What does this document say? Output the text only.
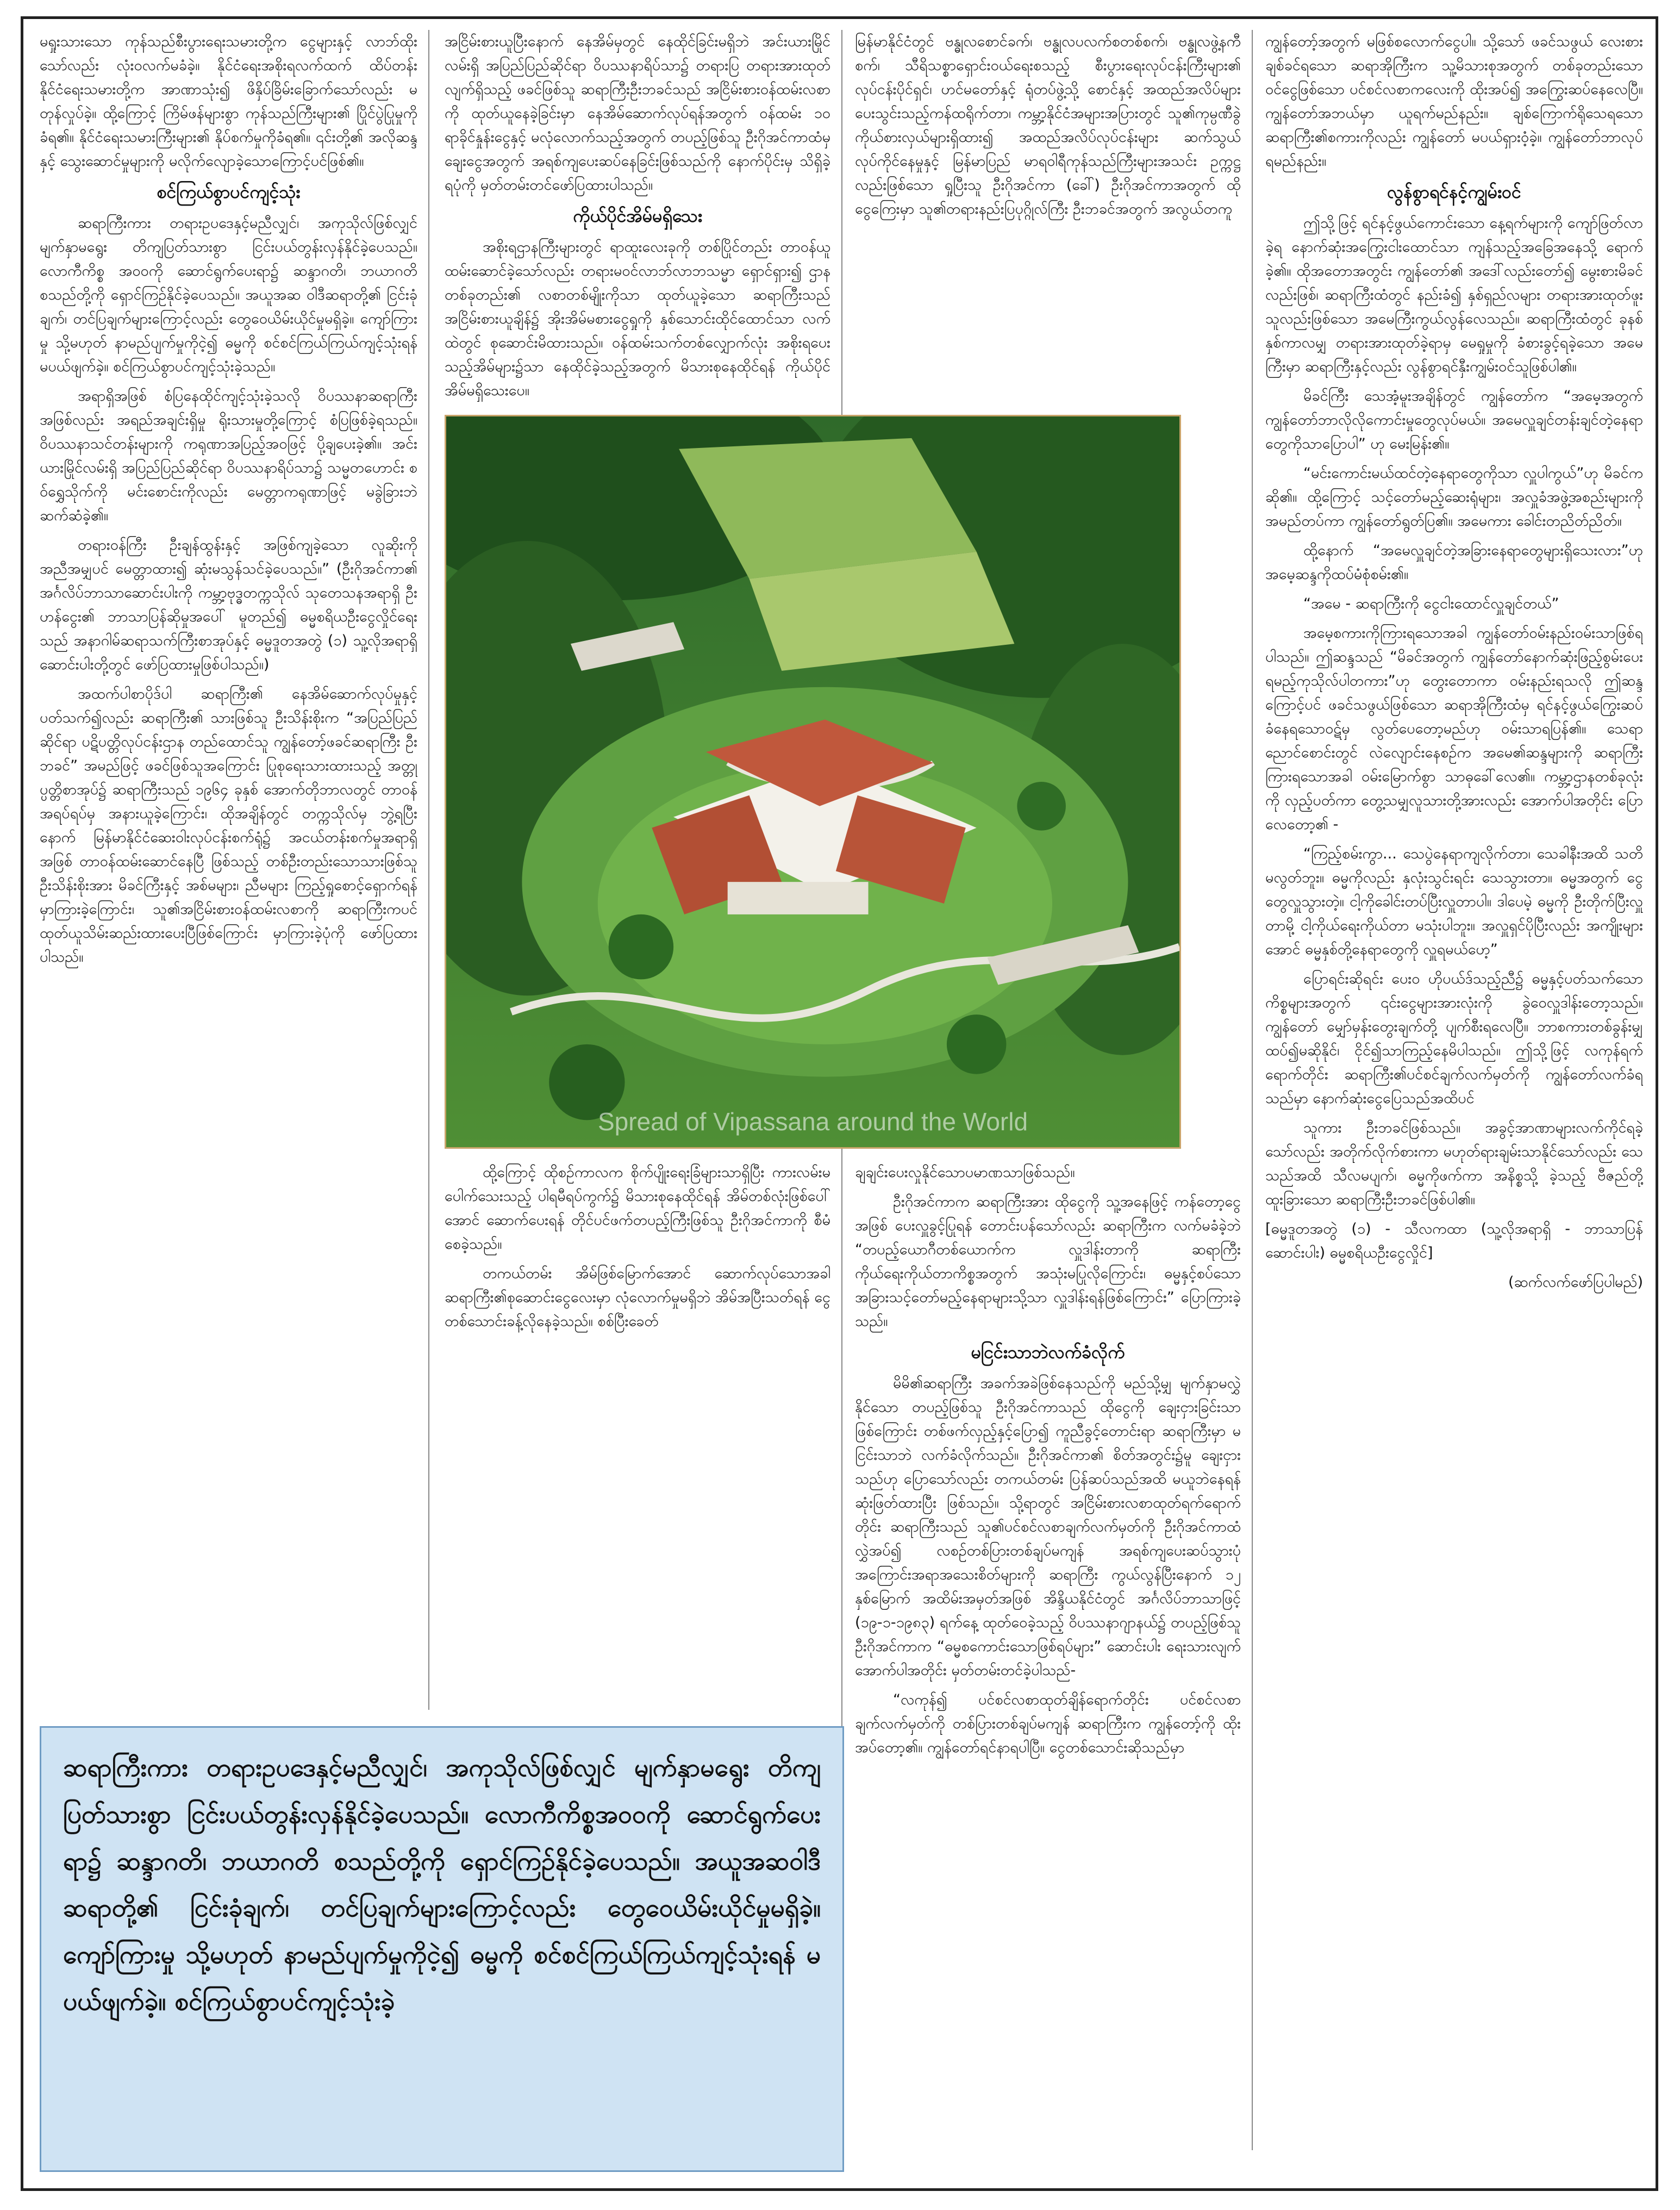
မရှုးသားသော ကုန်သည်စီးပွားရေးသမားတို့က ငွေများနှင့် လာဘ်ထိုးသော်လည်း လုံးဝလက်မခံခဲ့။ နိုင်ငံရေးအစိုးရလက်ထက် ထိပ်တန်းနိုင်ငံရေးသမားတို့က အာဏာသုံး၍ ဖိနှိပ်ခြိမ်းခြောက်သော်လည်း မတုန်လှုပ်ခဲ့။ ထို့ကြောင့် ကြိမ်ဖန်များစွာ ကုန်သည်ကြီးများ၏ ပြိုင်ပွဲပြုမှုကိုခံရ၏။ နိုင်ငံရေးသမားကြီးများ၏ နိုပ်စက်မှုကိုခံရ၏။ ၎င်းတို့၏ အလိုဆန္ဒနှင့် သွေးဆောင်မှုများကို မလိုက်လျောခဲ့သောကြောင့်ပင်ဖြစ်၏။

စင်ကြယ်စွာပင်ကျင့်သုံး

ဆရာကြီးကား တရားဥပဒေနှင့်မညီလျှင်၊ အကုသိုလ်ဖြစ်လျှင် မျက်နှာမရွေး တိကျပြတ်သားစွာ ငြင်းပယ်တွန်းလှန်နိုင်ခဲ့ပေသည်။ လောကီကိစ္စ အ၀၀ကို ဆောင်ရွက်ပေးရာ၌ ဆန္ဒာဂတိ၊ ဘယာဂတိ စသည်တို့ကို ရှောင်ကြဉ်နိုင်ခဲ့ပေသည်။ အယူအဆ ဝါဒီဆရာတို့၏ ငြင်းခုံချက်၊ တင်ပြချက်များကြောင့်လည်း တွေဝေယိမ်းယိုင်မှုမရှိခဲ့။ ကျော်ကြားမှု သို့မဟုတ် နာမည်ပျက်မှုကိုငဲ့၍ ဓမ္မကို စင်စင်ကြယ်ကြယ်ကျင့်သုံးရန် မပယ်ဖျက်ခဲ့။ စင်ကြယ်စွာပင်ကျင့်သုံးခဲ့သည်။

အရာရှိအဖြစ် စံပြနေထိုင်ကျင့်သုံးခဲ့သလို ဝိပဿနာဆရာကြီးအဖြစ်လည်း အရည်အချင်းရှိမှု ရိုးသားမှုတို့ကြောင့် စံပြဖြစ်ခဲ့ရသည်။ ဝိပဿနာသင်တန်းများကို ကရုဏာအပြည့်အဝဖြင့် ပို့ချပေးခဲ့၏။ အင်းယားမြိုင်လမ်းရှိ အပြည်ပြည်ဆိုင်ရာ ဝိပဿနာရိပ်သာ၌ သမ္မတဟောင်း စဝ်ရွှေသိုက်ကို မင်းစောင်းကိုလည်း မေတ္တာကရုဏာဖြင့် မခွဲခြားဘဲ ဆက်ဆံခဲ့၏။

တရားဝန်ကြီး ဦးချန်ထွန်းနှင့် အဖြစ်ကျခဲ့သော လူဆိုးကို အညီအမျှပင် မေတ္တာထား၍ ဆုံးမသွန်သင်ခဲ့ပေသည်။” (ဦးဂိုအင်ကာ၏ အင်္ဂလိပ်ဘာသာဆောင်းပါးကို ကမ္ဘာ့ဗုဒ္ဓတက္ကသိုလ် သုတေသနအရာရှိ ဦးဟန်ငွေး၏ ဘာသာပြန်ဆိုမှုအပေါ် မူတည်၍ ဓမ္မစရိယဦးငွေလှိုင်ရေးသည် အနာဂါမ်ဆရာသက်ကြီးစာအုပ်နှင့် ဓမ္မဒူတအတွဲ (၁) သူ့လိုအရာရှိဆောင်းပါးတို့တွင် ဖော်ပြထားမှုဖြစ်ပါသည်။)

အထက်ပါစာပိုဒ်ပါ ဆရာကြီး၏ နေအိမ်ဆောက်လုပ်မှုနှင့် ပတ်သက်၍လည်း ဆရာကြီး၏ သားဖြစ်သူ ဦးသိန်းစိုးက “အပြည်ပြည်ဆိုင်ရာ ပဋိပတ္တိလုပ်ငန်းဌာန တည်ထောင်သူ ကျွန်တော့်ဖခင်ဆရာကြီး ဦးဘခင်” အမည်ဖြင့် ဖခင်ဖြစ်သူအကြောင်း ပြုစုရေးသားထားသည့် အတ္တုပ္ပတ္တိစာအုပ်၌ ဆရာကြီးသည် ၁၉၆၄ ခုနှစ် အောက်တိုဘာလတွင် တာဝန်အရပ်ရပ်မှ အနားယူခဲ့ကြောင်း၊ ထိုအချိန်တွင် တက္ကသိုလ်မှ ဘွဲ့ရပြီးနောက် မြန်မာနိုင်ငံဆေးဝါးလုပ်ငန်းစက်ရုံ၌ အငယ်တန်းစက်မှုအရာရှိအဖြစ် တာဝန်ထမ်းဆောင်နေပြီ ဖြစ်သည့် တစ်ဦးတည်းသောသားဖြစ်သူ ဦးသိန်းစိုးအား မိခင်ကြီးနှင့် အစ်မများ၊ ညီမများ ကြည့်ရှုစောင့်ရှောက်ရန် မှာကြားခဲ့ကြောင်း၊ သူ၏အငြိမ်းစားဝန်ထမ်းလစာကို ဆရာကြီးကပင် ထုတ်ယူသိမ်းဆည်းထားပေးပြီဖြစ်ကြောင်း မှာကြားခဲ့ပုံကို ဖော်ပြထားပါသည်။

အငြိမ်းစားယူပြီးနောက် နေအိမ်မှတွင် နေထိုင်ခြင်းမရှိဘဲ အင်းယားမြိုင်လမ်းရှိ အပြည်ပြည်ဆိုင်ရာ ဝိပဿနာရိပ်သာ၌ တရားပြ တရားအားထုတ်လျက်ရှိသည့် ဖခင်ဖြစ်သူ ဆရာကြီးဦးဘခင်သည် အငြိမ်းစားဝန်ထမ်းလစာကို ထုတ်ယူနေခဲ့ခြင်းမှာ နေအိမ်ဆောက်လုပ်ရန်အတွက် ဝန်ထမ်း ၁၀ ရာခိုင်နှုန်းငွေနှင့် မလုံလောက်သည့်အတွက် တပည့်ဖြစ်သူ ဦးဂိုအင်ကာထံမှ ချေးငွေအတွက် အရစ်ကျပေးဆပ်နေခြင်းဖြစ်သည်ကို နောက်ပိုင်းမှ သိရှိခဲ့ရပုံကို မှတ်တမ်းတင်ဖော်ပြထားပါသည်။

ကိုယ်ပိုင်အိမ်မရှိသေး

အစိုးရဌာနကြီးများတွင် ရာထူးလေးခုကို တစ်ပြိုင်တည်း တာဝန်ယူထမ်းဆောင်ခဲ့သော်လည်း တရားမဝင်လာဘ်လာဘသမ္မာ ရှောင်ရှား၍ ဌာနတစ်ခုတည်း၏ လစာတစ်မျိုးကိုသာ ထုတ်ယူခဲ့သော ဆရာကြီးသည် အငြိမ်းစားယူချိန်၌ အိုးအိမ်မစားငွေရှုကို နှစ်သောင်းထိုင်ထောင်သာ လက်ထဲတွင် စုဆောင်းမိထားသည်။ ဝန်ထမ်းသက်တစ်လျှောက်လုံး အစိုးရပေးသည့်အိမ်များ၌သာ နေထိုင်ခဲ့သည့်အတွက် မိသားစုနေထိုင်ရန် ကိုယ်ပိုင်အိမ်မရှိသေးပေ။

မြန်မာနိုင်ငံတွင် ဗန္ဓုလစောင်ခက်၊ ဗန္ဓုလပလက်စတစ်စက်၊ ဗန္ဓုလဖွဲ့နကီစက်၊ သီရိသစ္စာရှောင်းဝယ်ရေးစသည့် စီးပွားရေးလုပ်ငန်းကြီးများ၏ လုပ်ငန်းပိုင်ရှင်၊ ဟင်မတော်နှင့် ရုံတပ်ဖွဲ့သို့ စောင်နှင့် အထည်အလိပ်များ ပေးသွင်းသည့်ကန်ထရိုက်တာ၊ ကမ္ဘာ့နိုင်ငံအများအပြားတွင် သူ၏ကုမ္ပဏီခွဲကိုယ်စားလှယ်များရှိထား၍ အထည်အလိပ်လုပ်ငန်းများ ဆက်သွယ်လုပ်ကိုင်နေမှုနှင့် မြန်မာပြည် မာရဝါရီကုန်သည်ကြီးများအသင်း ဥက္ကဋ္ဌလည်းဖြစ်သော ရှုပြီးသူ ဦးဂိုအင်ကာ (ခေါ်) ဦးဂိုအင်ကာအတွက် ထိုငွေကြေးမှာ သူ၏တရားနည်းပြပုဂ္ဂိုလ်ကြီး ဦးဘခင်အတွက် အလွယ်တကူ

Spread of Vipassana around the World

ထို့ကြောင့် ထိုစဉ်ကာလက စိုက်ပျိုးရေးခြံများသာရှိပြီး ကားလမ်းမပေါက်သေးသည့် ပါရမီရပ်ကွက်၌ မိသားစုနေထိုင်ရန် အိမ်တစ်လုံးဖြစ်ပေါ်အောင် ဆောက်ပေးရန် တိုင်ပင်ဖက်တပည့်ကြီးဖြစ်သူ ဦးဂိုအင်ကာကို စီမံစေခဲ့သည်။

တကယ်တမ်း အိမ်ဖြစ်မြောက်အောင် ဆောက်လုပ်သောအခါ ဆရာကြီး၏စုဆောင်းငွေလေးမှာ လုံလောက်မှုမရှိဘဲ အိမ်အပြီးသတ်ရန် ငွေတစ်သောင်းခန့်လိုနေခဲ့သည်။ စစ်ပြီးခေတ်

ချချင်းပေးလှုနိုင်သောပမာဏသာဖြစ်သည်။

ဦးဂိုအင်ကာက ဆရာကြီးအား ထိုငွေကို သူ့အနေဖြင့် ကန်တော့ငွေအဖြစ် ပေးလှူခွင့်ပြုရန် တောင်းပန်သော်လည်း ဆရာကြီးက လက်မခံခဲ့ဘဲ “တပည့်ယောဂီတစ်ယောက်က လှူဒါန်းတာကို ဆရာကြီး ကိုယ်ရေးကိုယ်တာကိစ္စအတွက် အသုံးမပြုလိုကြောင်း၊ ဓမ္မနှင့်စပ်သော အခြားသင့်တော်မည့်နေရာများသို့သာ လှူဒါန်းရန်ဖြစ်ကြောင်း” ပြောကြားခဲ့သည်။

မငြင်းသာဘဲလက်ခံလိုက်

မိမိ၏ဆရာကြီး အခက်အခဲဖြစ်နေသည်ကို မည်သို့မျှ မျက်နှာမလွှဲနိုင်သော တပည့်ဖြစ်သူ ဦးဂိုအင်ကာသည် ထိုငွေကို ချေးငှားခြင်းသာဖြစ်ကြောင်း တစ်ဖက်လှည့်နှင့်ပြော၍ ကူညီခွင့်တောင်းရာ ဆရာကြီးမှာ မငြင်းသာဘဲ လက်ခံလိုက်သည်။ ဦးဂိုအင်ကာ၏ စိတ်အတွင်း၌မူ ချေးငှားသည်ဟု ပြောသော်လည်း တကယ်တမ်း ပြန်ဆပ်သည်အထိ မယူဘဲနေရန် ဆုံးဖြတ်ထားပြီး ဖြစ်သည်။ သို့ရာတွင် အငြိမ်းစားလစာထုတ်ရက်ရောက်တိုင်း ဆရာကြီးသည် သူ၏ပင်စင်လစာချက်လက်မှတ်ကို ဦးဂိုအင်ကာထံ လွှဲအပ်၍ လစဉ်တစ်ပြားတစ်ချပ်မကျန် အရစ်ကျပေးဆပ်သွားပုံအကြောင်းအရာအသေးစိတ်များကို ဆရာကြီး ကွယ်လွန်ပြီးနောက် ၁၂ နှစ်မြောက် အထိမ်းအမှတ်အဖြစ် အိန္ဒိယနိုင်ငံတွင် အင်္ဂလိပ်ဘာသာဖြင့် (၁၉-၁-၁၉၈၃) ရက်နေ့ ထုတ်ဝေခဲ့သည့် ဝိပဿနာဂျာနယ်၌ တပည့်ဖြစ်သူ ဦးဂိုအင်ကာက “ဓမ္မစကောင်းသောဖြစ်ရပ်များ” ဆောင်းပါး ရေးသားလျက် အောက်ပါအတိုင်း မှတ်တမ်းတင်ခဲ့ပါသည်-

“လကုန်၍ ပင်စင်လစာထုတ်ချိန်ရောက်တိုင်း ပင်စင်လစာချက်လက်မှတ်ကို တစ်ပြားတစ်ချပ်မကျန် ဆရာကြီးက ကျွန်တော့်ကို ထိုးအပ်တော့၏။ ကျွန်တော်ရင်နာရပါပြီ။ ငွေတစ်သောင်းဆိုသည်မှာ

ကျွန်တော့်အတွက် မဖြစ်စလောက်ငွေပါ။ သို့သော် ဖခင်သဖွယ် လေးစားချစ်ခင်ရသော ဆရာအိုကြီးက သူ့မိသားစုအတွက် တစ်ခုတည်းသောဝင်ငွေဖြစ်သော ပင်စင်လစာကလေးကို ထိုးအပ်၍ အကြွေးဆပ်နေလေပြီ။ ကျွန်တော်အဘယ်မှာ ယူရက်မည်နည်း။ ချစ်ကြောက်ရိုသေရသော ဆရာကြီး၏စကားကိုလည်း ကျွန်တော် မပယ်ရှားဝံ့ခဲ့။ ကျွန်တော်ဘာလုပ်ရမည်နည်း။

လွန်စွာရင်နင့်ကျွမ်းဝင်

ဤသို့ဖြင့် ရင်နင့်ဖွယ်ကောင်းသော နေ့ရက်များကို ကျော်ဖြတ်လာခဲ့ရ နောက်ဆုံးအကြွေးငါးထောင်သာ ကျန်သည့်အခြေအနေသို့ ရောက်ခဲ့၏။ ထိုအတောအတွင်း ကျွန်တော်၏ အဒေါ်လည်းတော်၍ မွေးစားမိခင်လည်းဖြစ်၊ ဆရာကြီးထံတွင် နည်းခံ၍ နှစ်ရှည်လများ တရားအားထုတ်ဖူးသူလည်းဖြစ်သော အမေကြီးကွယ်လွန်လေသည်။ ဆရာကြီးထံတွင် ခုနစ်နှစ်ကာလမျှ တရားအားထုတ်ခဲ့ရာမှ မေရှုမှုကို ခံစားခွင့်ရခဲ့သော အမေကြီးမှာ ဆရာကြီးနှင့်လည်း လွန်စွာရင်နှီးကျွမ်းဝင်သူဖြစ်ပါ၏။

မိခင်ကြီး သေအံ့မူးအချိန်တွင် ကျွန်တော်က “အမေ့အတွက် ကျွန်တော်ဘာလိုလိုကောင်းမှုတွေလုပ်မယ်။ အမေလှူချင်တန်းချင်တဲ့နေရာတွေကိုသာပြောပါ” ဟု မေးမြန်း၏။

“မင်းကောင်းမယ်ထင်တဲ့နေရာတွေကိုသာ လှူပါကွယ်”ဟု မိခင်ကဆို၏။ ထို့ကြောင့် သင့်တော်မည့်ဆေးရုံများ၊ အလှူခံအဖွဲ့အစည်းများကို အမည်တပ်ကာ ကျွန်တော်ရွတ်ပြ၏။ အမေကား ခေါင်းတညိတ်ညိတ်။

ထို့နောက် “အမေလှူချင်တဲ့အခြားနေရာတွေများရှိသေးလား”ဟု အမေ့ဆန္ဒကိုထပ်မံစုံစမ်း၏။

“အမေ - ဆရာကြီးကို ငွေငါးထောင်လှူချင်တယ်”

အမေ့စကားကိုကြားရသောအခါ ကျွန်တော်ဝမ်းနည်းဝမ်းသာဖြစ်ရပါသည်။ ဤဆန္ဒသည် “မိခင်အတွက် ကျွန်တော်နောက်ဆုံးဖြည့်စွမ်းပေးရမည့်ကုသိုလ်ပါတကား”ဟု တွေးတောကာ ဝမ်းနည်းရသလို ဤဆန္ဒကြောင့်ပင် ဖခင်သဖွယ်ဖြစ်သော ဆရာအိုကြီးထံမှ ရင်နင့်ဖွယ်ကြွေးဆပ်ခံနေရသောဝဋ်မှ လွတ်ပေတော့မည်ဟု ဝမ်းသာရပြန်၏။ သေရာညောင်စောင်းတွင် လဲလျောင်းနေစဉ်က အမေ၏ဆန္ဒများကို ဆရာကြီးကြားရသောအခါ ဝမ်းမြောက်စွာ သာဓုခေါ်လေ၏။ ကမ္ဘာ့ဌာနတစ်ခုလုံးကို လှည့်ပတ်ကာ တွေ့သမျှလူသားတို့အားလည်း အောက်ပါအတိုင်း ပြောလေတော့၏ -

“ကြည့်စမ်းကွာ... သေပွဲနေရာကျလိုက်တာ၊ သေခါနီးအထိ သတိမလွတ်ဘူး။ ဓမ္မကိုလည်း နှလုံးသွင်းရင်း သေသွားတာ။ ဓမ္မအတွက် ငွေတွေလှူသွားတဲ့။ ငါ့ကိုခေါင်းတပ်ပြီးလှူတာပါ။ ဒါပေမဲ့ ဓမ္မကို ဦးတိုက်ပြီးလှူတာမို့ ငါ့ကိုယ်ရေးကိုယ်တာ မသုံးပါဘူး။ အလှူရှင်ပိုပြီးလည်း အကျိုးများအောင် ဓမ္မနှစ်တို့နေရာတွေကို လှူရမယ်ဟေ့”

ပြောရင်းဆိုရင်း ပေးဝ ဟိုပယ်ဒ်သည့်ညီ၌ ဓမ္မနှင့်ပတ်သက်သောကိစ္စများအတွက် ၎င်းငွေများအားလုံးကို ခွဲဝေလှူဒါန်းတော့သည်။ ကျွန်တော် မျှော်မှန်းတွေးချက်တို့ ပျက်စီးရလေပြီ။ ဘာစကားတစ်ခွန်းမျှ ထပ်၍မဆိုနိုင်၊ ငိုင်၍သာကြည့်နေမိပါသည်။ ဤသို့ဖြင့် လကုန်ရက်ရောက်တိုင်း ဆရာကြီး၏ပင်စင်ချက်လက်မှတ်ကို ကျွန်တော်လက်ခံရသည်မှာ နောက်ဆုံးငွေပြေသည်အထိပင်

သူကား ဦးဘခင်ဖြစ်သည်။ အခွင့်အာဏာများလက်ကိုင်ရခဲ့သော်လည်း အတိုက်လိုက်စားကာ မဟုတ်ရားချမ်းသာနိုင်သော်လည်း သေသည်အထိ သီလမပျက်၊ ဓမ္မကိုဖက်ကာ အနိစ္စသို့ ခဲ့သည့် ဗီဇည်တို့ထူးခြားသော ဆရာကြီးဦးဘခင်ဖြစ်ပါ၏။

[ဓမ္မဒူတအတွဲ (၁) - သီလကထာ (သူ့လိုအရာရှိ - ဘာသာပြန်ဆောင်းပါး) ဓမ္မစရိယဦးငွေလှိုင်]

(ဆက်လက်ဖော်ပြပါမည်)

ဆရာကြီးကား တရားဥပဒေနှင့်မညီလျှင်၊ အကုသိုလ်ဖြစ်လျှင် မျက်နှာမရွေး တိကျပြတ်သားစွာ ငြင်းပယ်တွန်းလှန်နိုင်ခဲ့ပေသည်။ လောကီကိစ္စအ၀၀ကို ဆောင်ရွက်ပေးရာ၌ ဆန္ဒာဂတိ၊ ဘယာဂတိ စသည်တို့ကို ရှောင်ကြဉ်နိုင်ခဲ့ပေသည်။ အယူအဆဝါဒီဆရာတို့၏ ငြင်းခုံချက်၊ တင်ပြချက်များကြောင့်လည်း တွေဝေယိမ်းယိုင်မှုမရှိခဲ့။ ကျော်ကြားမှု သို့မဟုတ် နာမည်ပျက်မှုကိုငဲ့၍ ဓမ္မကို စင်စင်ကြယ်ကြယ်ကျင့်သုံးရန် မပယ်ဖျက်ခဲ့။ စင်ကြယ်စွာပင်ကျင့်သုံးခဲ့
